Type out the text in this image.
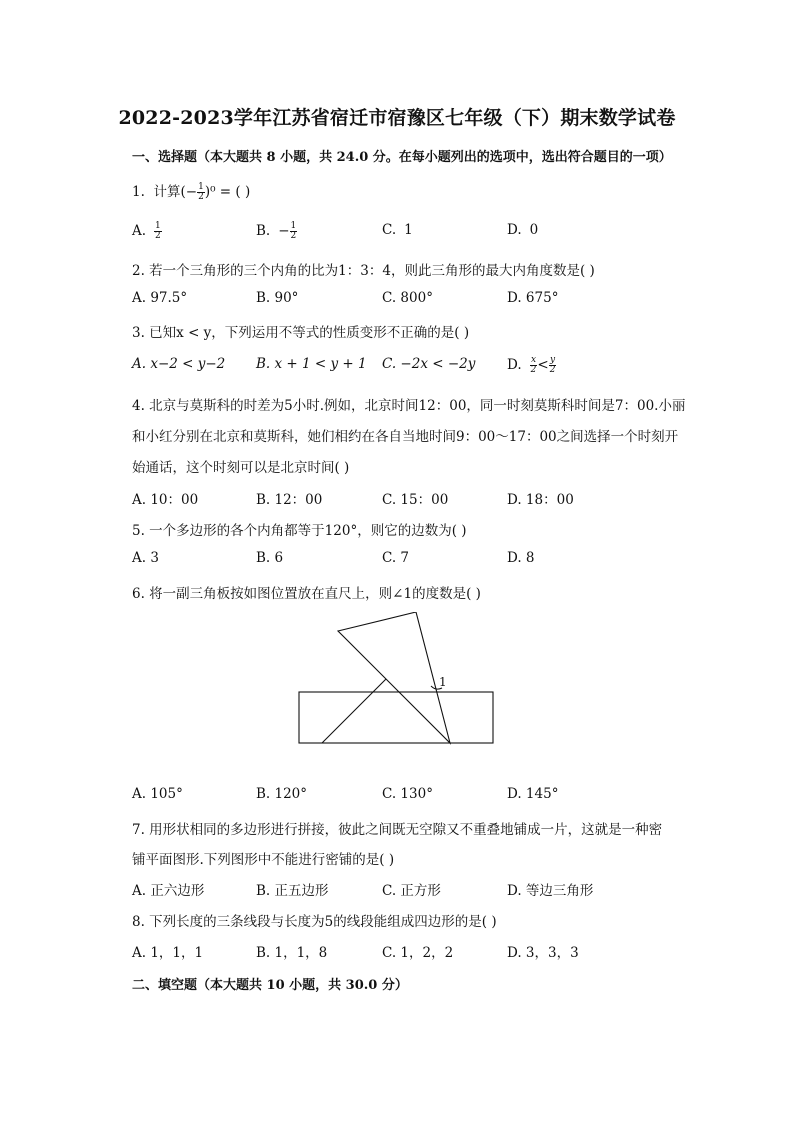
2022-2023学年江苏省宿迁市宿豫区七年级（下）期末数学试卷
一、选择题（本大题共 8 小题，共 24.0 分。在每小题列出的选项中，选出符合题目的一项）
1. 计算(− $\frac{1}{2} )^0$ = ( )
A. $\frac{1}{2}$	B. − $\frac{1}{2}$	C. 1	D. 0
2. 若一个三角形的三个内角的比为1：3：4，则此三角形的最大内角度数是( )
A. 97.5°	B. 90°	C. 800°	D. 675°
3. 已知x < y，下列运用不等式的性质变形不正确的是( )
A. x−2 < y−2 B. x + 1 < y + 1 C. −2x < −2y D. $\frac{x}{2} < \frac{y}{2}$
4. 北京与莫斯科的时差为5小时.例如，北京时间12：00，同一时刻莫斯科时间是7：00.小丽
和小红分别在北京和莫斯科，她们相约在各自当地时间9：00～17：00之间选择一个时刻开
始通话，这个时刻可以是北京时间( )
A. 10：00	B. 12：00	C. 15：00	D. 18：00
5. 一个多边形的各个内角都等于120°，则它的边数为( )
A. 3	B. 6	C. 7	D. 8
6. 将一副三角板按如图位置放在直尺上，则∠1的度数是( )
1
A. 105°	B. 120°	C. 130°	D. 145°
7. 用形状相同的多边形进行拼接，彼此之间既无空隙又不重叠地铺成一片，这就是一种密
铺平面图形.下列图形中不能进行密铺的是( )
A. 正六边形	B. 正五边形	C. 正方形	D. 等边三角形
8. 下列长度的三条线段与长度为5的线段能组成四边形的是( )
A. 1，1，1	B. 1，1，8	C. 1，2，2	D. 3，3，3
二、填空题（本大题共 10 小题，共 30.0 分）
